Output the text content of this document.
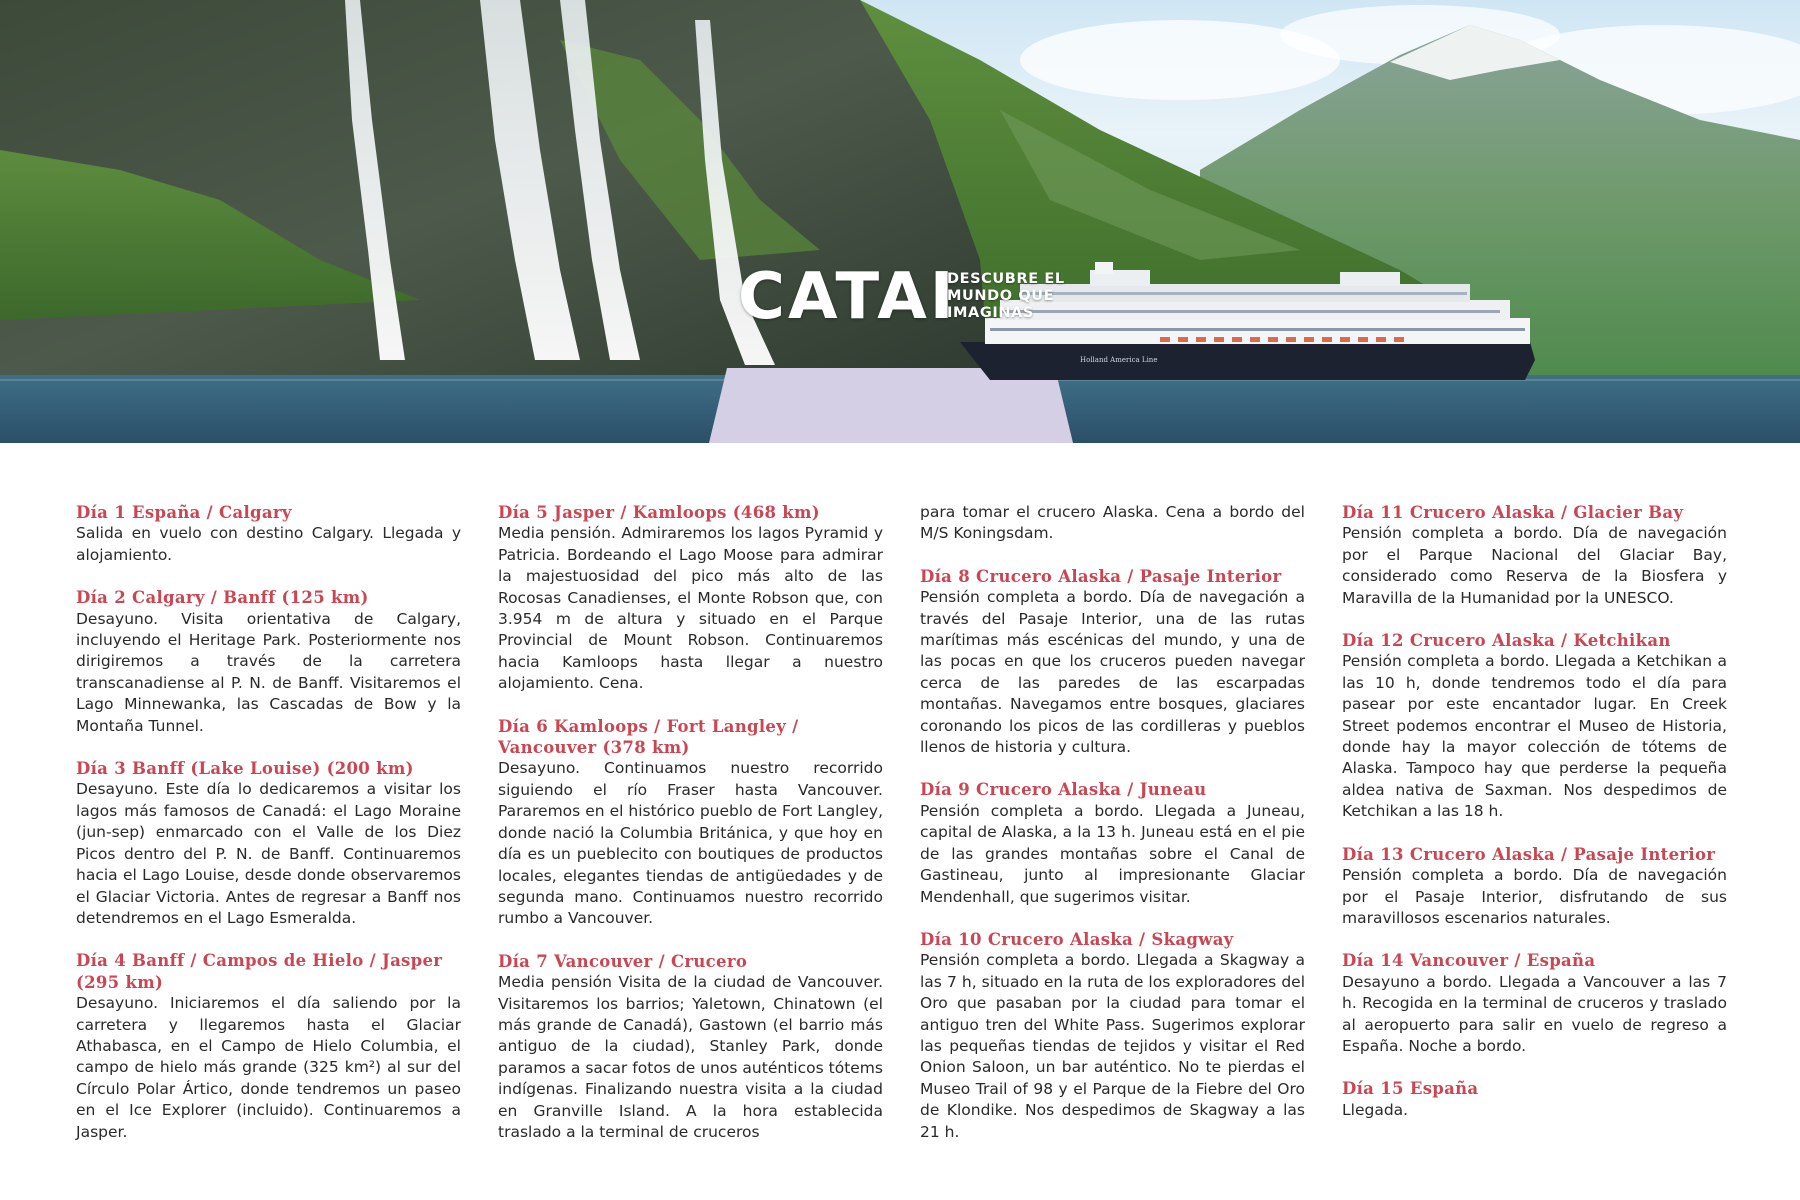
Holland America Line
CATAI
DESCUBRE EL
MUNDO QUE
IMAGINAS
Día 1 España / Calgary

Salida en vuelo con destino Calgary. Llegada y alojamiento.

Día 2 Calgary / Banff (125 km)

Desayuno. Visita orientativa de Calgary, incluyendo el Heritage Park. Posteriormente nos dirigiremos a través de la carretera transcanadiense al P. N. de Banff. Visitaremos el Lago Minnewanka, las Cascadas de Bow y la Montaña Tunnel.

Día 3 Banff (Lake Louise) (200 km)

Desayuno. Este día lo dedicaremos a visitar los lagos más famosos de Canadá: el Lago Moraine (jun-sep) enmarcado con el Valle de los Diez Picos dentro del P. N. de Banff. Continuaremos hacia el Lago Louise, desde donde observaremos el Glaciar Victoria. Antes de regresar a Banff nos detendremos en el Lago Esmeralda.

Día 4 Banff / Campos de Hielo / Jasper (295 km)

Desayuno. Iniciaremos el día saliendo por la carretera y llegaremos hasta el Glaciar Athabasca, en el Campo de Hielo Columbia, el campo de hielo más grande (325 km²) al sur del Círculo Polar Ártico, donde tendremos un paseo en el Ice Explorer (incluido). Continuaremos a Jasper.

Día 5 Jasper / Kamloops (468 km)

Media pensión. Admiraremos los lagos Pyramid y Patricia. Bordeando el Lago Moose para admirar la majestuosidad del pico más alto de las Rocosas Canadienses, el Monte Robson que, con 3.954 m de altura y situado en el Parque Provincial de Mount Robson. Continuaremos hacia Kamloops hasta llegar a nuestro alojamiento. Cena.

Día 6 Kamloops / Fort Langley / Vancouver (378 km)

Desayuno. Continuamos nuestro recorrido siguiendo el río Fraser hasta Vancouver. Pararemos en el histórico pueblo de Fort Langley, donde nació la Columbia Británica, y que hoy en día es un pueblecito con boutiques de productos locales, elegantes tiendas de antigüedades y de segunda mano. Continuamos nuestro recorrido rumbo a Vancouver.

Día 7 Vancouver / Crucero

Media pensión Visita de la ciudad de Vancouver. Visitaremos los barrios; Yaletown, Chinatown (el más grande de Canadá), Gastown (el barrio más antiguo de la ciudad), Stanley Park, donde paramos a sacar fotos de unos auténticos tótems indígenas. Finalizando nuestra visita a la ciudad en Granville Island. A la hora establecida traslado a la terminal de cruceros

para tomar el crucero Alaska. Cena a bordo del M/S Koningsdam.

Día 8 Crucero Alaska / Pasaje Interior

Pensión completa a bordo. Día de navegación a través del Pasaje Interior, una de las rutas marítimas más escénicas del mundo, y una de las pocas en que los cruceros pueden navegar cerca de las paredes de las escarpadas montañas. Navegamos entre bosques, glaciares coronando los picos de las cordilleras y pueblos llenos de historia y cultura.

Día 9 Crucero Alaska / Juneau

Pensión completa a bordo. Llegada a Juneau, capital de Alaska, a la 13 h. Juneau está en el pie de las grandes montañas sobre el Canal de Gastineau, junto al impresionante Glaciar Mendenhall, que sugerimos visitar.

Día 10 Crucero Alaska / Skagway

Pensión completa a bordo. Llegada a Skagway a las 7 h, situado en la ruta de los exploradores del Oro que pasaban por la ciudad para tomar el antiguo tren del White Pass. Sugerimos explorar las pequeñas tiendas de tejidos y visitar el Red Onion Saloon, un bar auténtico. No te pierdas el Museo Trail of 98 y el Parque de la Fiebre del Oro de Klondike. Nos despedimos de Skagway a las 21 h.

Día 11 Crucero Alaska / Glacier Bay

Pensión completa a bordo. Día de navegación por el Parque Nacional del Glaciar Bay, considerado como Reserva de la Biosfera y Maravilla de la Humanidad por la UNESCO.

Día 12 Crucero Alaska / Ketchikan

Pensión completa a bordo. Llegada a Ketchikan a las 10 h, donde tendremos todo el día para pasear por este encantador lugar. En Creek Street podemos encontrar el Museo de Historia, donde hay la mayor colección de tótems de Alaska. Tampoco hay que perderse la pequeña aldea nativa de Saxman. Nos despedimos de Ketchikan a las 18 h.

Día 13 Crucero Alaska / Pasaje Interior

Pensión completa a bordo. Día de navegación por el Pasaje Interior, disfrutando de sus maravillosos escenarios naturales.

Día 14 Vancouver / España

Desayuno a bordo. Llegada a Vancouver a las 7 h. Recogida en la terminal de cruceros y traslado al aeropuerto para salir en vuelo de regreso a España. Noche a bordo.

Día 15 España

Llegada.
